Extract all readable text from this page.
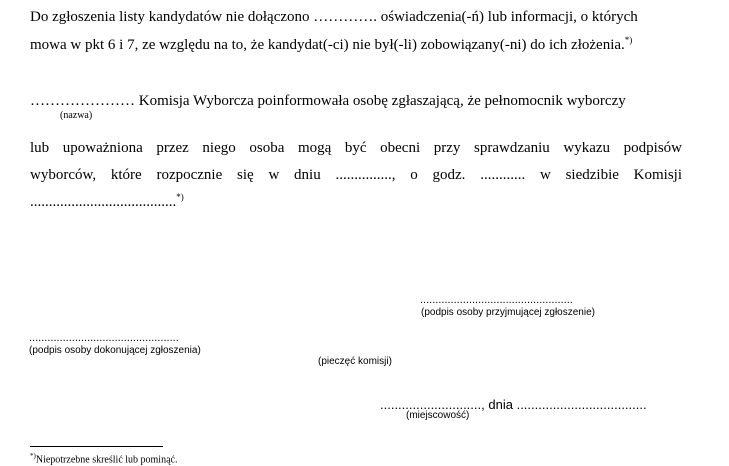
Do zgłoszenia listy kandydatów nie dołączono …………. oświadczenia(-ń) lub informacji, o których
mowa w pkt 6 i 7, ze względu na to, że kandydat(-ci) nie był(-li) zobowiązany(-ni) do ich złożenia.*)
………………… Komisja Wyborcza poinformowała osobę zgłaszającą, że pełnomocnik wyborczy
(nazwa)
lub upoważniona przez niego osoba mogą być obecni przy sprawdzaniu wykazu podpisów
wyborców, które rozpocznie się w dniu ..............., o godz. ............ w siedzibie Komisji
.......................................*)
..................................................
(podpis osoby przyjmującej zgłoszenie)
.................................................
(podpis osoby dokonującej zgłoszenia)
(pieczęć komisji)
............................, dnia ....................................
(miejscowość)
*)Niepotrzebne skreślić lub pominąć.
